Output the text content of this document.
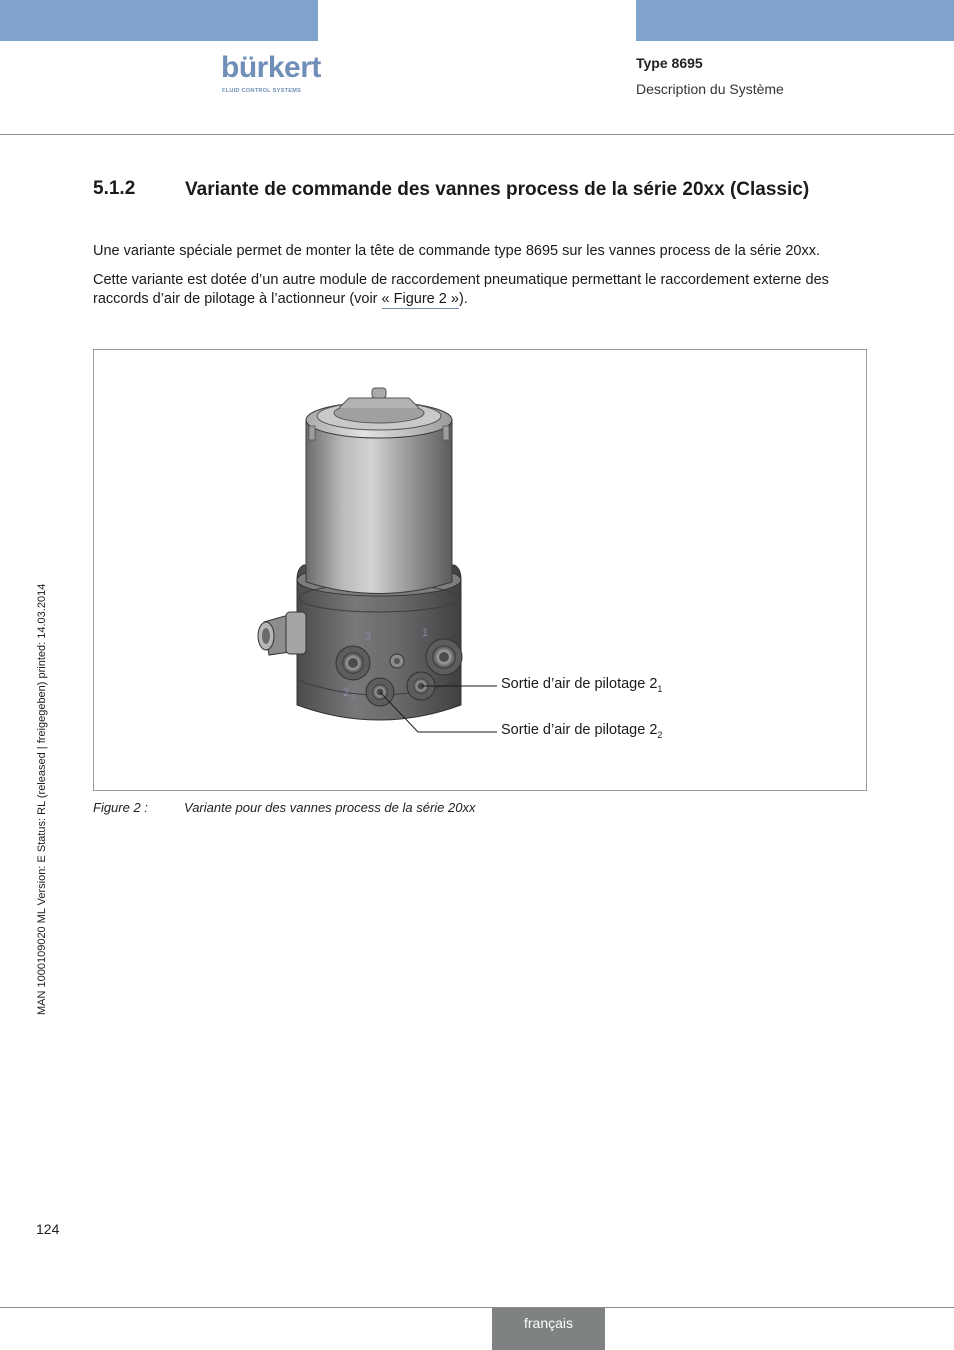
bürkert
FLUID CONTROL SYSTEMS
Type 8695
Description du Système
5.1.2	Variante de commande des vannes process de la série 20xx (Classic)

Une variante spéciale permet de monter la tête de commande type 8695 sur les vannes process de la série 20xx.

Cette variante est dotée d’un autre module de raccordement pneumatique permettant le raccordement externe des raccords d’air de pilotage à l’actionneur (voir « Figure 2 »).

3	1
2 2
Sortie d’air de pilotage $2_1$
Sortie d’air de pilotage $2_2$
Figure 2 :	Variante pour des vannes process de la série 20xx
MAN 1000109020 ML Version: E Status: RL (released | freigegeben) printed: 14.03.2014
124
français
